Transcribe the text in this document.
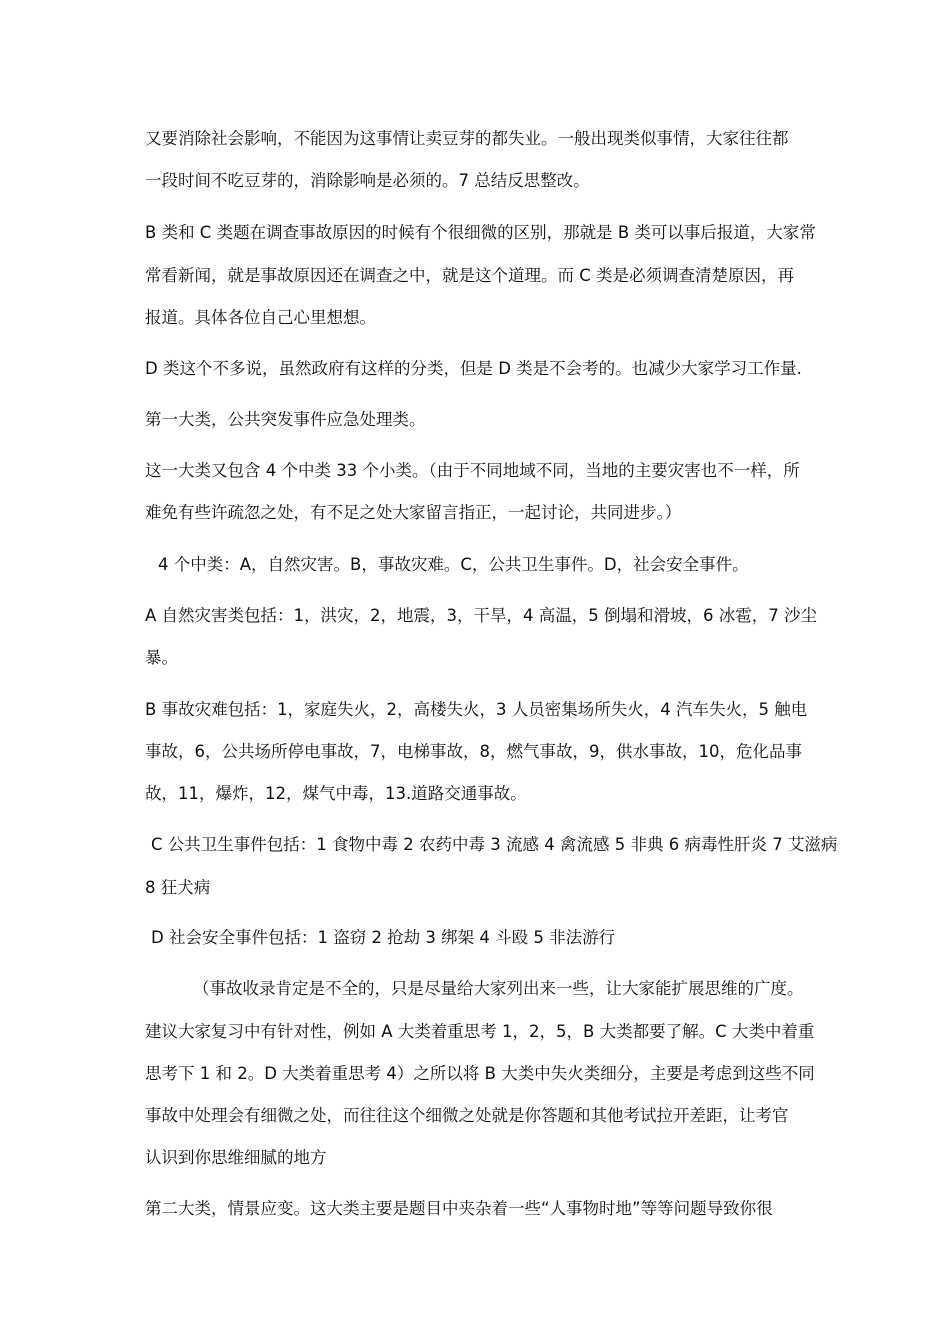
又要消除社会影响，不能因为这事情让卖豆芽的都失业。一般出现类似事情，大家往往都
一段时间不吃豆芽的，消除影响是必须的。7 总结反思整改。
B 类和 C 类题在调查事故原因的时候有个很细微的区别，那就是 B 类可以事后报道，大家常
常看新闻，就是事故原因还在调查之中，就是这个道理。而 C 类是必须调查清楚原因，再
报道。具体各位自己心里想想。
D 类这个不多说，虽然政府有这样的分类，但是 D 类是不会考的。也减少大家学习工作量.
第一大类，公共突发事件应急处理类。
这一大类又包含 4 个中类 33 个小类。（由于不同地域不同，当地的主要灾害也不一样，所
难免有些许疏忽之处，有不足之处大家留言指正，一起讨论，共同进步。）
4 个中类：A，自然灾害。B，事故灾难。C，公共卫生事件。D，社会安全事件。
A 自然灾害类包括：1，洪灾，2，地震，3，干旱，4 高温，5 倒塌和滑坡，6 冰雹，7 沙尘
暴。
B 事故灾难包括：1，家庭失火，2，高楼失火，3 人员密集场所失火，4 汽车失火，5 触电
事故，6，公共场所停电事故，7，电梯事故，8，燃气事故，9，供水事故，10，危化品事
故，11，爆炸，12，煤气中毒，13.道路交通事故。
C 公共卫生事件包括：1 食物中毒 2 农药中毒 3 流感 4 禽流感 5 非典 6 病毒性肝炎 7 艾滋病
8 狂犬病
D 社会安全事件包括：1 盗窃 2 抢劫 3 绑架 4 斗殴 5 非法游行
（事故收录肯定是不全的，只是尽量给大家列出来一些，让大家能扩展思维的广度。
建议大家复习中有针对性，例如 A 大类着重思考 1，2，5，B 大类都要了解。C 大类中着重
思考下 1 和 2。D 大类着重思考 4）之所以将 B 大类中失火类细分，主要是考虑到这些不同
事故中处理会有细微之处，而往往这个细微之处就是你答题和其他考试拉开差距，让考官
认识到你思维细腻的地方
第二大类，情景应变。这大类主要是题目中夹杂着一些“人事物时地”等等问题导致你很
